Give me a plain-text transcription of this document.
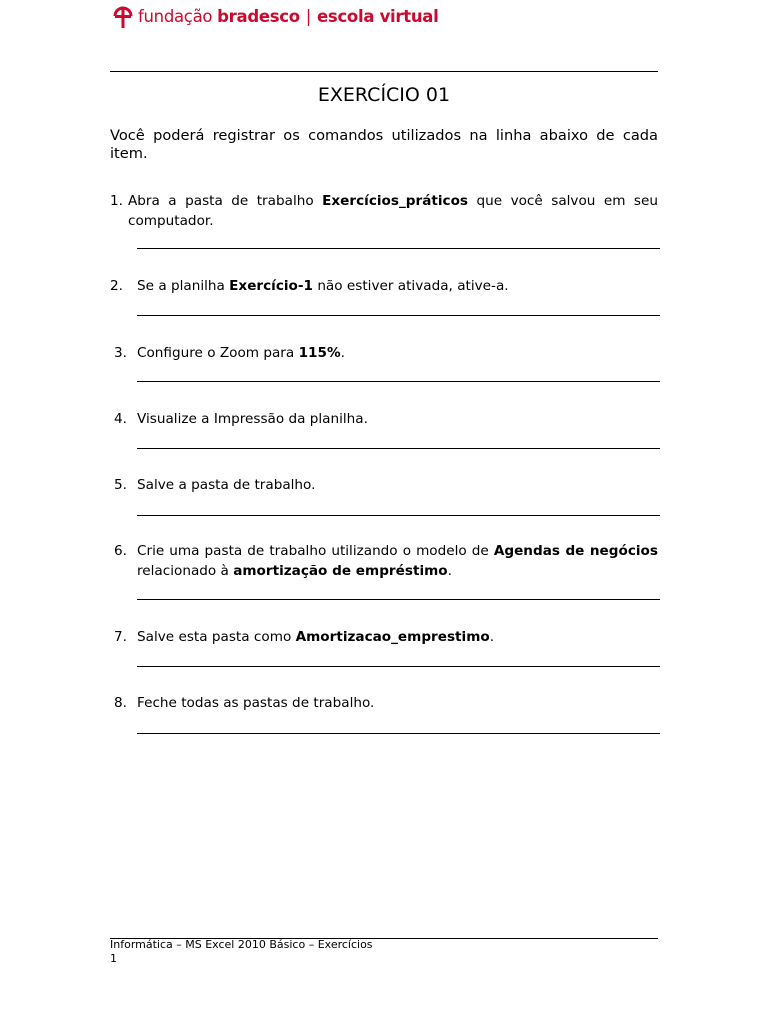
fundação bradesco | escola virtual
EXERCÍCIO 01
Você poderá registrar os comandos utilizados na linha abaixo de cada item.
1. Abra a pasta de trabalho Exercícios_práticos que você salvou em seu computador.
2. Se a planilha Exercício-1 não estiver ativada, ative-a.
3. Configure o Zoom para 115%.
4. Visualize a Impressão da planilha.
5. Salve a pasta de trabalho.
6. Crie uma pasta de trabalho utilizando o modelo de Agendas de negócios relacionado à amortização de empréstimo.
7. Salve esta pasta como Amortizacao_emprestimo.
8. Feche todas as pastas de trabalho.
Informática – MS Excel 2010 Básico – Exercícios
1
